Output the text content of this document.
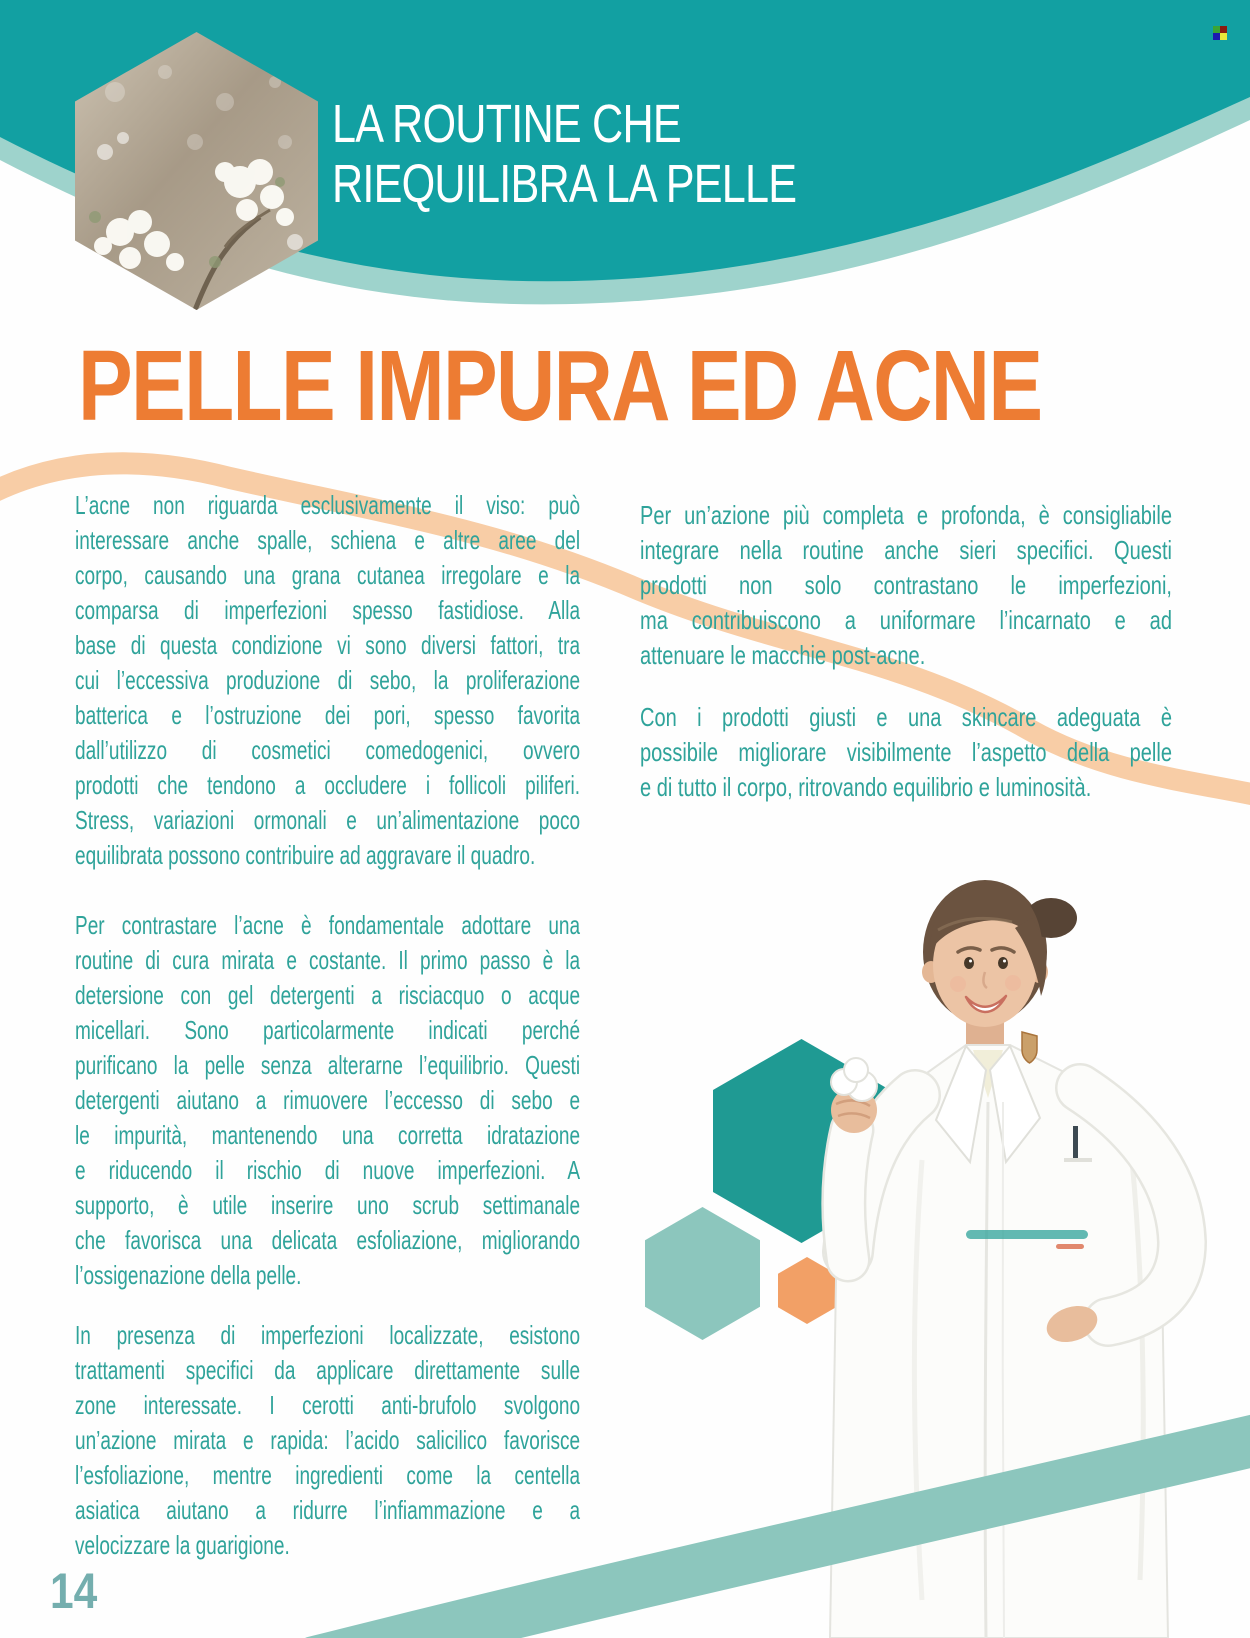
LA ROUTINE CHE
RIEQUILIBRA LA PELLE
PELLE IMPURA ED ACNE
L’acne non riguarda esclusivamente il viso: può
interessare anche spalle, schiena e altre aree del
corpo, causando una grana cutanea irregolare e la
comparsa di imperfezioni spesso fastidiose. Alla
base di questa condizione vi sono diversi fattori, tra
cui l’eccessiva produzione di sebo, la proliferazione
batterica e l’ostruzione dei pori, spesso favorita
dall’utilizzo di cosmetici comedogenici, ovvero
prodotti che tendono a occludere i follicoli piliferi.
Stress, variazioni ormonali e un’alimentazione poco
equilibrata possono contribuire ad aggravare il quadro.
Per contrastare l’acne è fondamentale adottare una
routine di cura mirata e costante. Il primo passo è la
detersione con gel detergenti a risciacquo o acque
micellari. Sono particolarmente indicati perché
purificano la pelle senza alterarne l’equilibrio. Questi
detergenti aiutano a rimuovere l’eccesso di sebo e
le impurità, mantenendo una corretta idratazione
e riducendo il rischio di nuove imperfezioni. A
supporto, è utile inserire uno scrub settimanale
che favorisca una delicata esfoliazione, migliorando
l’ossigenazione della pelle.
In presenza di imperfezioni localizzate, esistono
trattamenti specifici da applicare direttamente sulle
zone interessate. I cerotti anti-brufolo svolgono
un’azione mirata e rapida: l’acido salicilico favorisce
l’esfoliazione, mentre ingredienti come la centella
asiatica aiutano a ridurre l’infiammazione e a
velocizzare la guarigione.
Per un’azione più completa e profonda, è consigliabile
integrare nella routine anche sieri specifici. Questi
prodotti non solo contrastano le imperfezioni,
ma contribuiscono a uniformare l’incarnato e ad
attenuare le macchie post-acne.
Con i prodotti giusti e una skincare adeguata è
possibile migliorare visibilmente l’aspetto della pelle
e di tutto il corpo, ritrovando equilibrio e luminosità.
14
